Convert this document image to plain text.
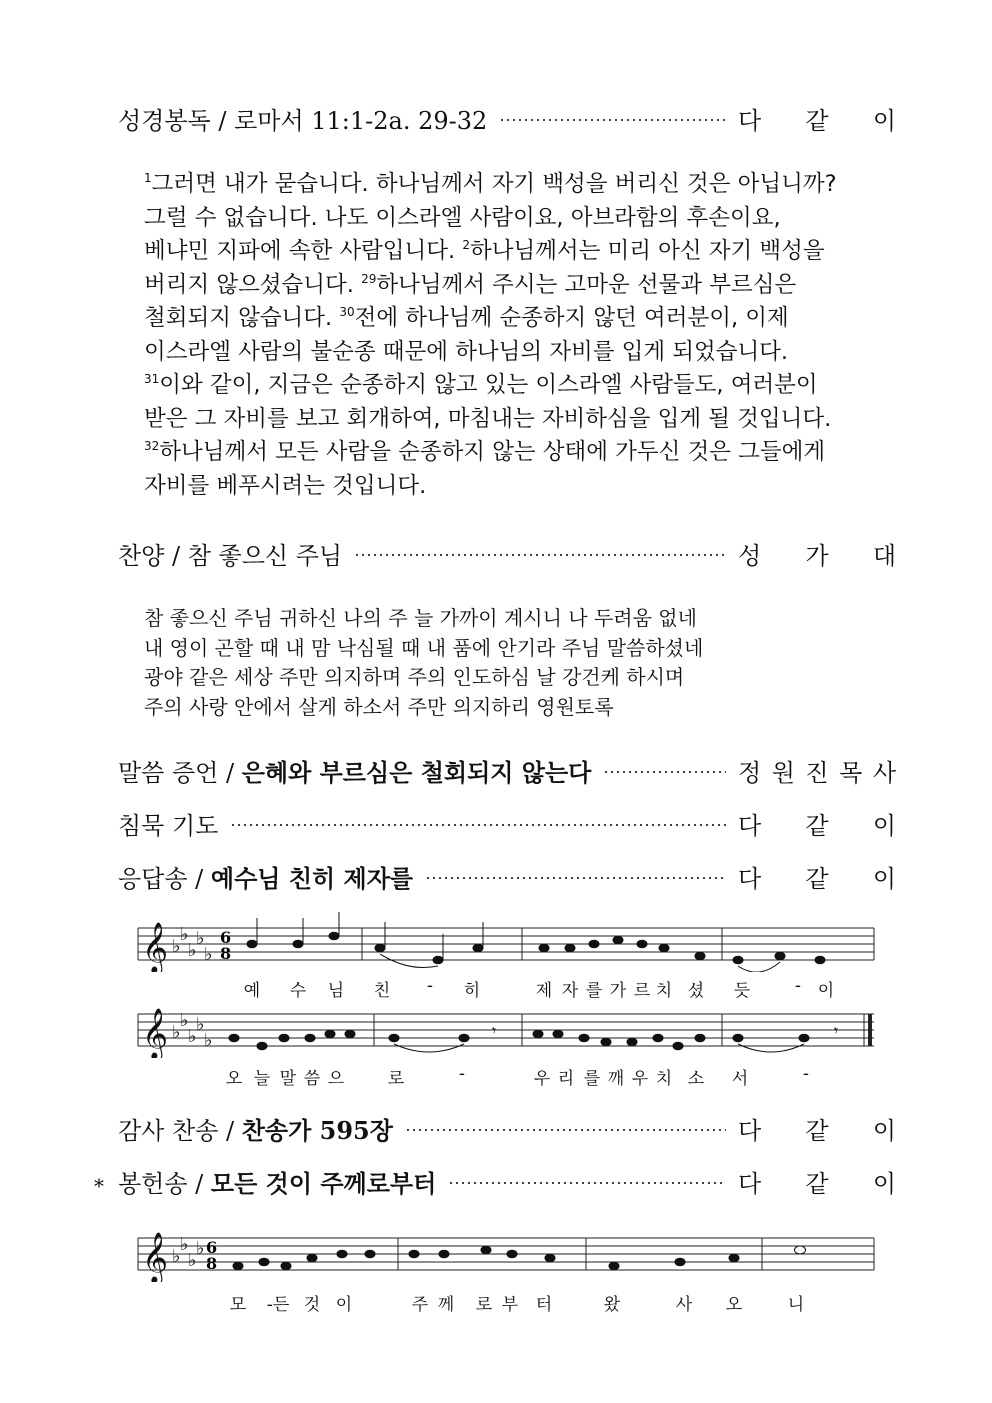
성경봉독 / 로마서 11:1-2a. 29-32	다 같 이
$^1$그러면 내가 묻습니다. 하나님께서 자기 백성을 버리신 것은 아닙니까?
그럴 수 없습니다. 나도 이스라엘 사람이요, 아브라함의 후손이요,
베냐민 지파에 속한 사람입니다. $^2$하나님께서는 미리 아신 자기 백성을
버리지 않으셨습니다. $^{29}$하나님께서 주시는 고마운 선물과 부르심은
철회되지 않습니다. $^{30}$전에 하나님께 순종하지 않던 여러분이, 이제
이스라엘 사람의 불순종 때문에 하나님의 자비를 입게 되었습니다.
$^{31}$이와 같이, 지금은 순종하지 않고 있는 이스라엘 사람들도, 여러분이
받은 그 자비를 보고 회개하여, 마침내는 자비하심을 입게 될 것입니다.
$^{32}$하나님께서 모든 사람을 순종하지 않는 상태에 가두신 것은 그들에게
자비를 베푸시려는 것입니다.
찬양 / 참 좋으신 주님	성 가 대
참 좋으신 주님 귀하신 나의 주 늘 가까이 계시니 나 두려움 없네
내 영이 곤할 때 내 맘 낙심될 때 내 품에 안기라 주님 말씀하셨네
광야 같은 세상 주만 의지하며 주의 인도하심 날 강건케 하시며
주의 사랑 안에서 살게 하소서 주만 의지하리 영원토록
말씀 증언 / 은혜와 부르심은 철회되지 않는다	정 원 진 목 사
침묵 기도	다 같 이
응답송 / 예수님 친히 제자를	다 같 이
𝄞 ♭
♭
♭
♭
♭
6
8
예 수 님 친 - 히	제 자 를 가 르 치 셨 듯	- 이
𝄞 ♭
♭
♭
♭
♭	𝄾	𝄾
오 늘 말 씀 으	로	-	우 리 를 깨 우 치 소 서	-
감사 찬송 / 찬송가 595장	다 같 이
* 봉헌송 / 모든 것이 주께로부터	다 같 이
𝄞 ♭
♭
♭
♭ 6
8
모 -든 것 이	주 께 로 부 터	왔	사 오	니
